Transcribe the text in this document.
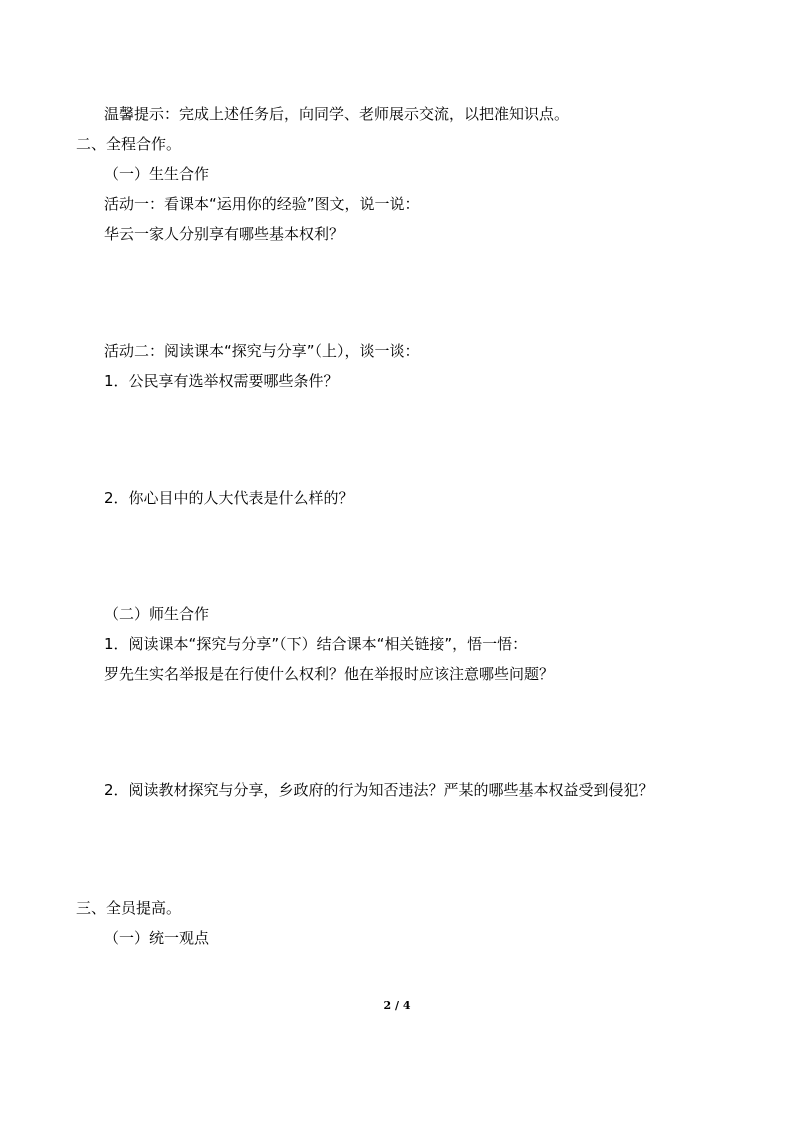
温馨提示：完成上述任务后，向同学、老师展示交流，以把准知识点。
二、全程合作。
（一）生生合作
活动一：看课本“运用你的经验”图文，说一说：
华云一家人分别享有哪些基本权利？
活动二：阅读课本“探究与分享”（上），谈一谈：
1．公民享有选举权需要哪些条件？
2．你心目中的人大代表是什么样的？
（二）师生合作
1．阅读课本“探究与分享”（下）结合课本“相关链接”，悟一悟：
罗先生实名举报是在行使什么权利？他在举报时应该注意哪些问题？
2．阅读教材探究与分享，乡政府的行为知否违法？严某的哪些基本权益受到侵犯？
三、全员提高。
（一）统一观点
2 / 4
